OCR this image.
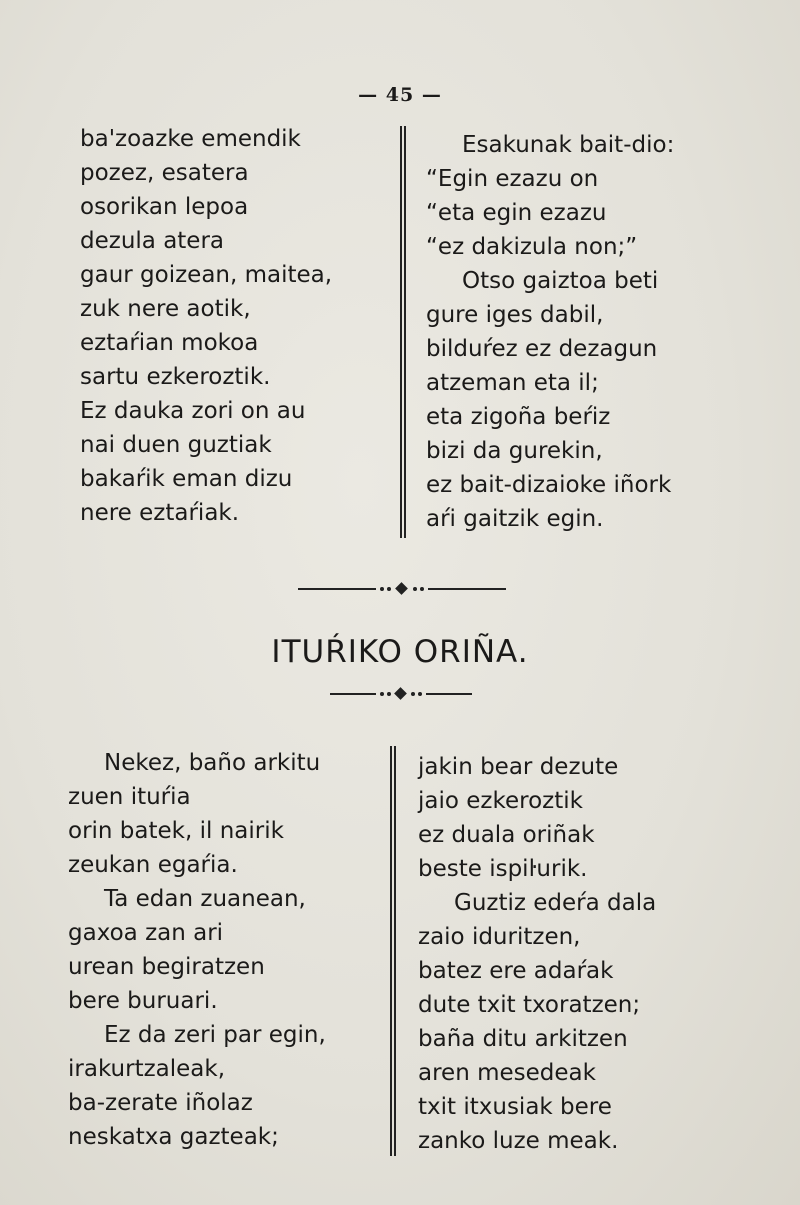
— 45 —
ba'zoazke emendik
pozez, esatera
osorikan lepoa
dezula atera
gaur goizean, maitea,
zuk nere aotik,
eztaŕian mokoa
sartu ezkeroztik.
Ez dauka zori on au
nai duen guztiak
bakaŕik eman dizu
nere eztaŕiak.
Esakunak bait-dio:
“Egin ezazu on
“eta egin ezazu
“ez dakizula non;”
Otso gaiztoa beti
gure iges dabil,
bilduŕez ez dezagun
atzeman eta il;
eta zigoña beŕiz
bizi da gurekin,
ez bait-dizaioke iñork
aŕi gaitzik egin.
ITUŔIKO ORIÑA.
Nekez, baño arkitu
zuen ituŕia
orin batek, il nairik
zeukan egaŕia.
Ta edan zuanean,
gaxoa zan ari
urean begiratzen
bere buruari.
Ez da zeri par egin,
irakurtzaleak,
ba-zerate iñolaz
neskatxa gazteak;
jakin bear dezute
jaio ezkeroztik
ez duala oriñak
beste ispiŀurik.
Guztiz edeŕa dala
zaio iduritzen,
batez ere adaŕak
dute txit txoratzen;
baña ditu arkitzen
aren mesedeak
txit itxusiak bere
zanko luze meak.
